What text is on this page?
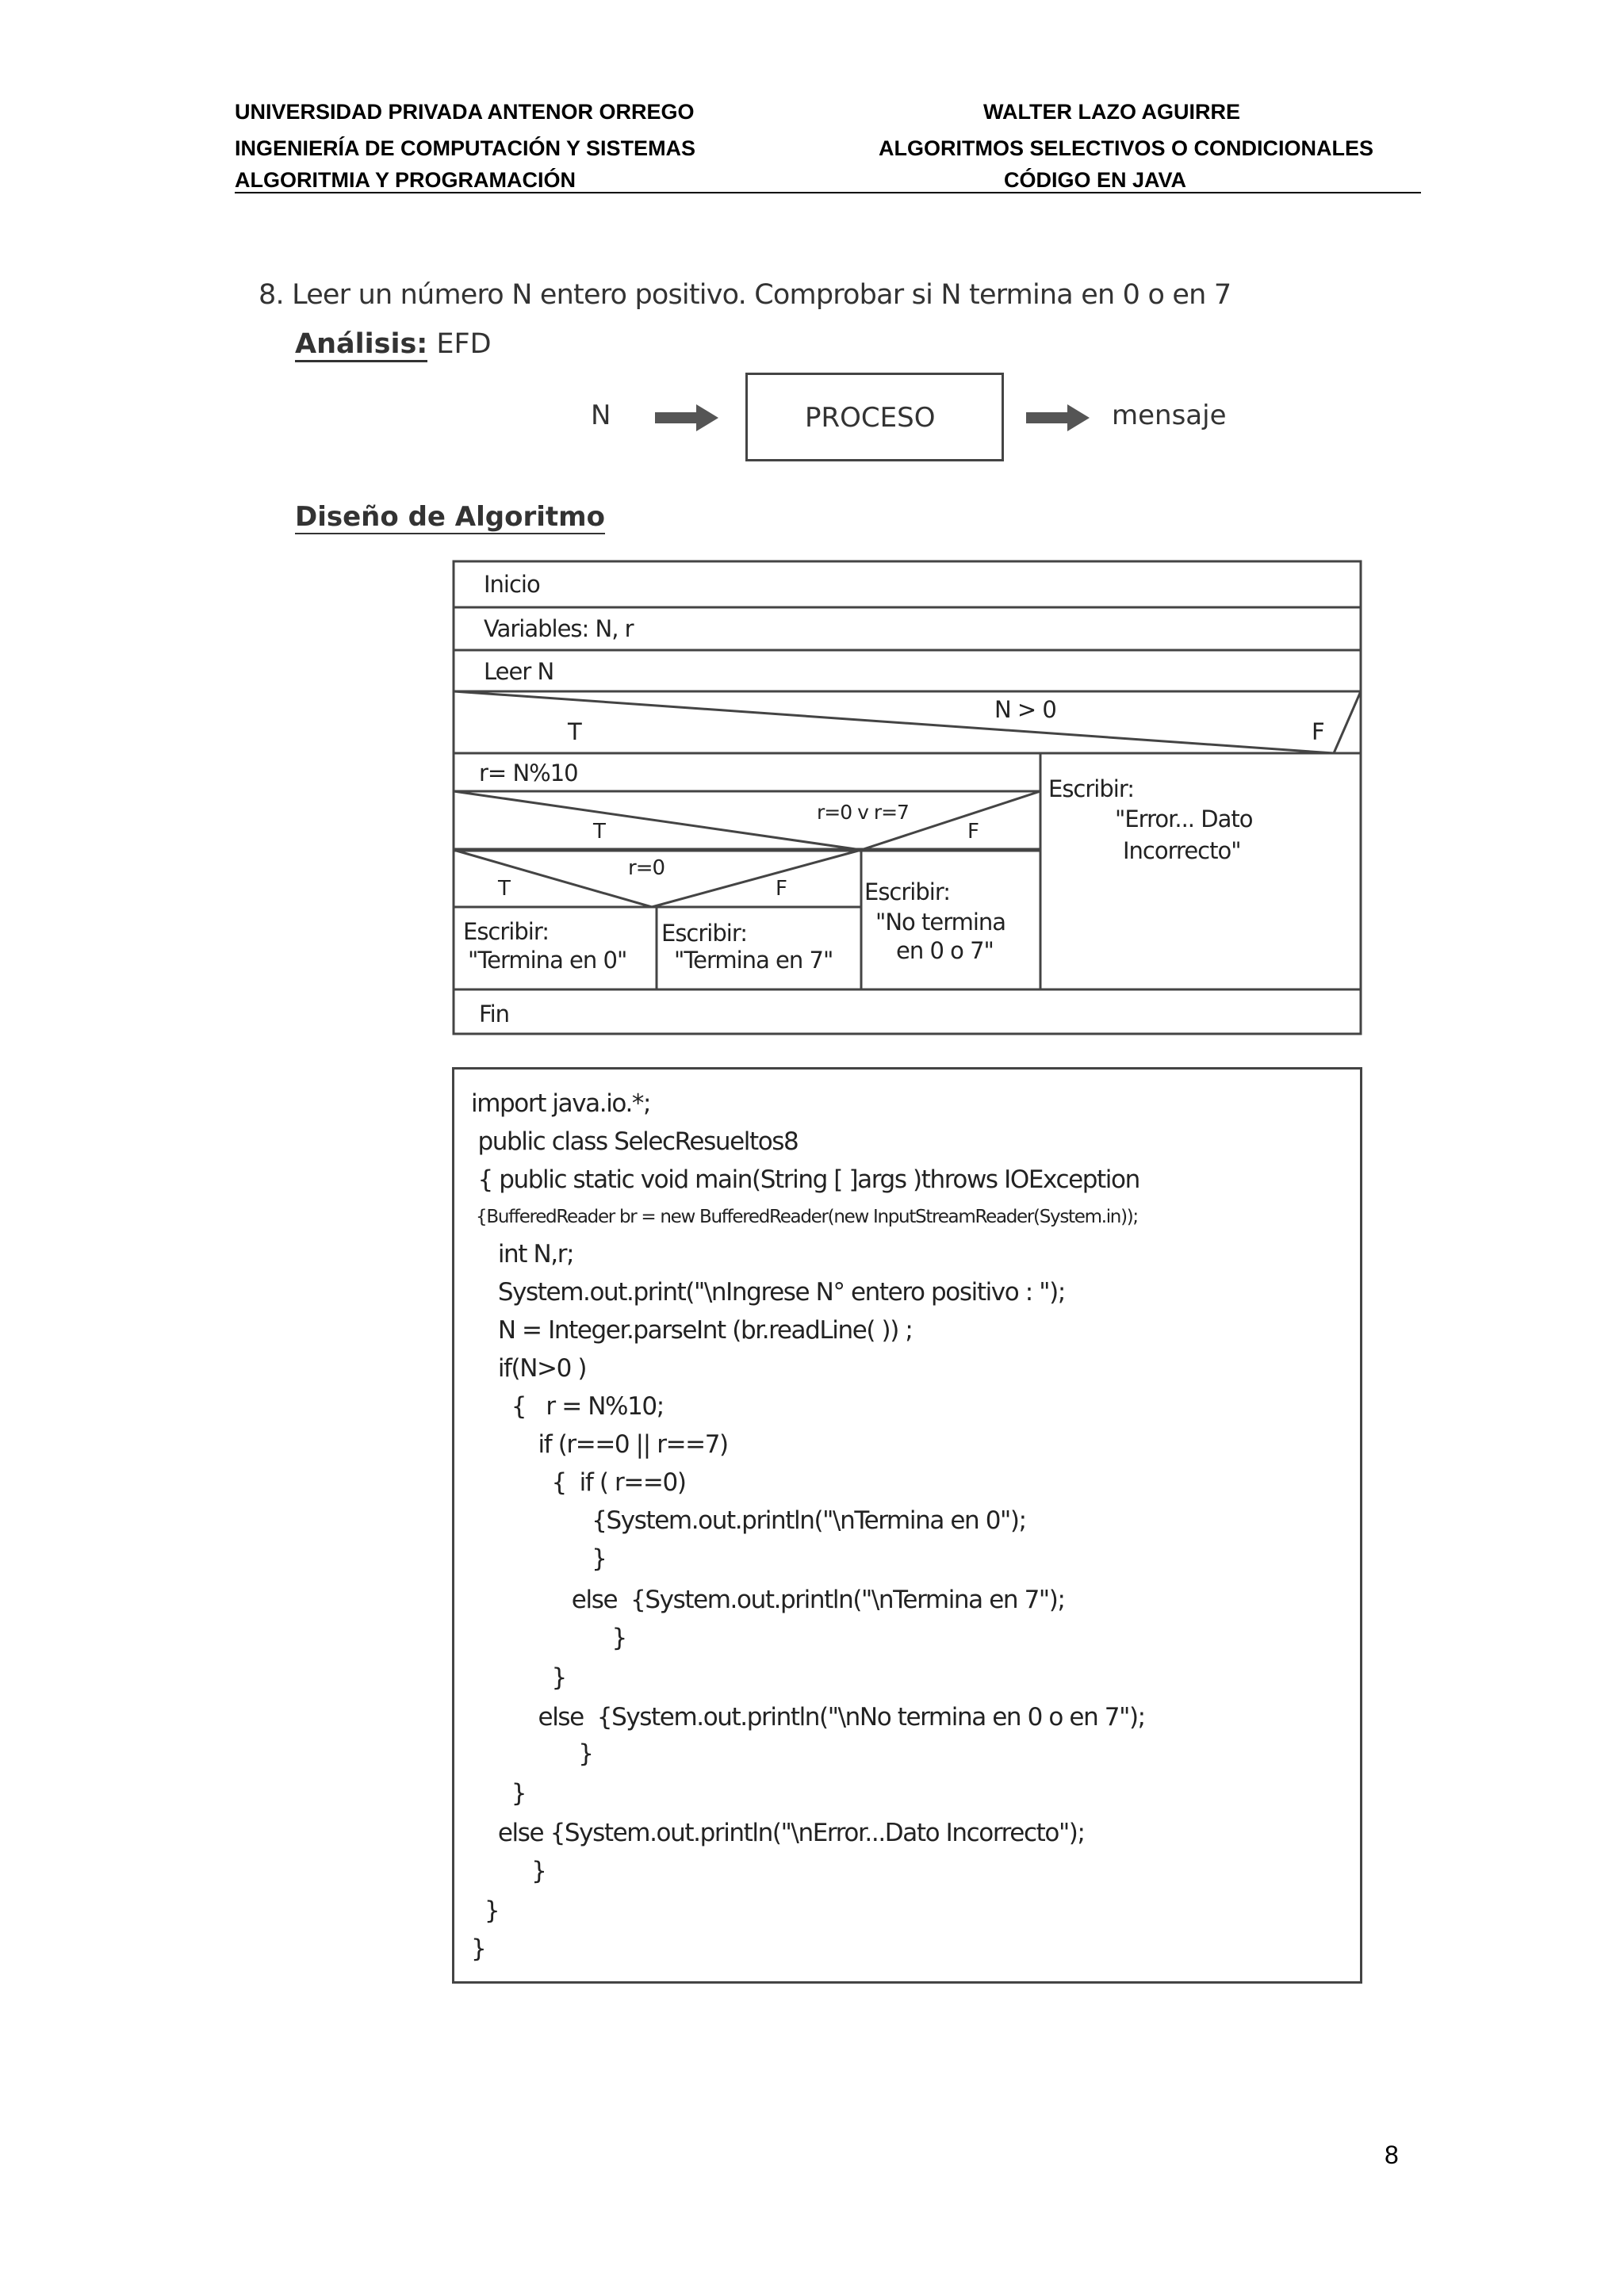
UNIVERSIDAD PRIVADA ANTENOR ORREGO
INGENIERÍA DE COMPUTACIÓN Y SISTEMAS
ALGORITMIA Y PROGRAMACIÓN
WALTER LAZO AGUIRRE
ALGORITMOS SELECTIVOS O CONDICIONALES
CÓDIGO EN JAVA
8. Leer un número N entero positivo. Comprobar si N termina en 0 o en 7
Análisis: EFD
N	PROCESO	mensaje
Diseño de Algoritmo
Inicio
Variables: N, r
Leer N
N > 0
T	F
r= N%10
r=0 v r=7
T	F
r=0
T	F
Escribir:
"Termina en 0"
Escribir:
"Termina en 7"
Escribir:
"No termina
en 0 o 7"
Escribir:
"Error... Dato
Incorrecto"
Fin
import java.io.*;
public class SelecResueltos8
{ public static void main(String [ ]args )throws IOException
{BufferedReader br = new BufferedReader(new InputStreamReader(System.in));
int N,r;
System.out.print("\nIngrese N° entero positivo : ");
N = Integer.parseInt (br.readLine( )) ;
if(N>0 )
{   r = N%10;
if (r==0 || r==7)
{  if ( r==0)
{System.out.println("\nTermina en 0");
}
else  {System.out.println("\nTermina en 7");
}
}
else  {System.out.println("\nNo termina en 0 o en 7");
}
}
else {System.out.println("\nError...Dato Incorrecto");
}
}
}
8
